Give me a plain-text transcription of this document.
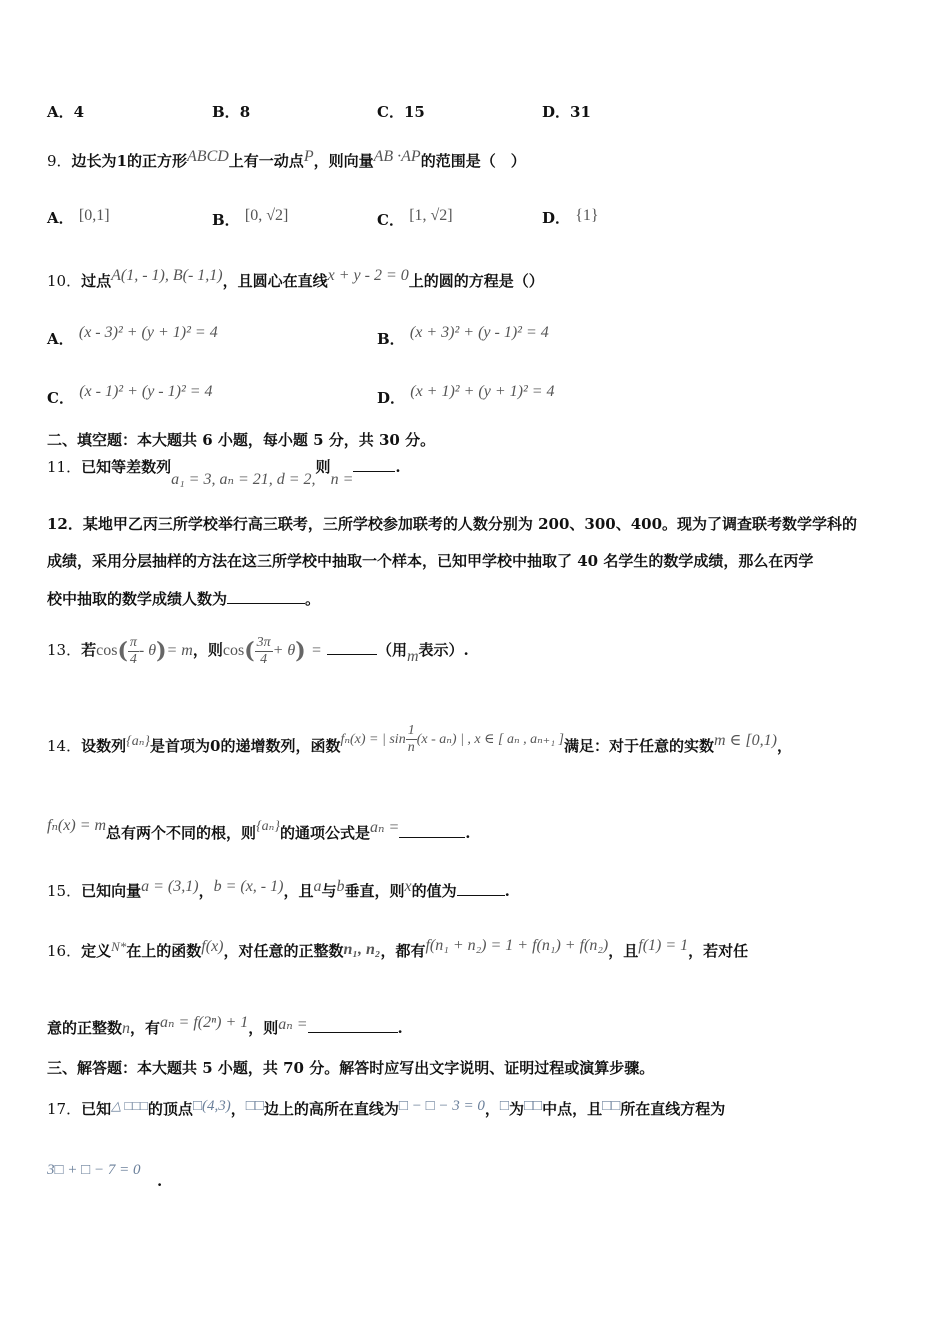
A．4	B．8	C．15	D．31
9．边长为1的正方形ABCD上有一动点P，则向量AB ·AP的范围是（　）
A． [0,1]	B． [0, √2]	C． [1, √2]	D． {1}
10．过点A(1, - 1), B(- 1,1)，且圆心在直线x + y - 2 = 0上的圆的方程是（）
A． (x - 3)² + (y + 1)² = 4	B． (x + 3)² + (y - 1)² = 4
C． (x - 1)² + (y - 1)² = 4	D． (x + 1)² + (y + 1)² = 4
二、填空题：本大题共 6 小题，每小题 5 分，共 30 分。
11．已知等差数列a₁ = 3, aₙ = 21, d = 2,则n =.
12．某地甲乙丙三所学校举行高三联考，三所学校参加联考的人数分别为 200、300、400。现为了调查联考数学学科的
成绩，采用分层抽样的方法在这三所学校中抽取一个样本，已知甲学校中抽取了 40 名学生的数学成绩，那么在丙学
校中抽取的数学成绩人数为	。
13．若$\cos( \frac{\pi}{4} - \theta)= m$，则$\cos( \frac{3\pi}{4} + \theta)$ =	（用m表示）.
14．设数列{aₙ}是首项为0的递增数列，函数fₙ(x) = | $\sin \frac{1}{n} (x - a_n)$ | , x ∈ [ aₙ , aₙ₊₁ ]满足：对于任意的实数m ∈ [0,1)，
fₙ(x) = m总有两个不同的根，则{aₙ}的通项公式是aₙ =	.
15．已知向量a = (3,1)，b = (x, - 1)，且a与b垂直，则x的值为	.
16．定义N*在上的函数f(x)，对任意的正整数n₁, n₂，都有f(n₁ + n₂) = 1 + f(n₁) + f(n₂)，且f(1) = 1，若对任
意的正整数n，有aₙ = f(2ⁿ) + 1，则aₙ =	.
三、解答题：本大题共 5 小题，共 70 分。解答时应写出文字说明、证明过程或演算步骤。
17．已知△ □□□的顶点□(4,3)，□□边上的高所在直线为□ − □ − 3 = 0，□为□□中点，且□□所在直线方程为
3□ + □ − 7 = 0
.
